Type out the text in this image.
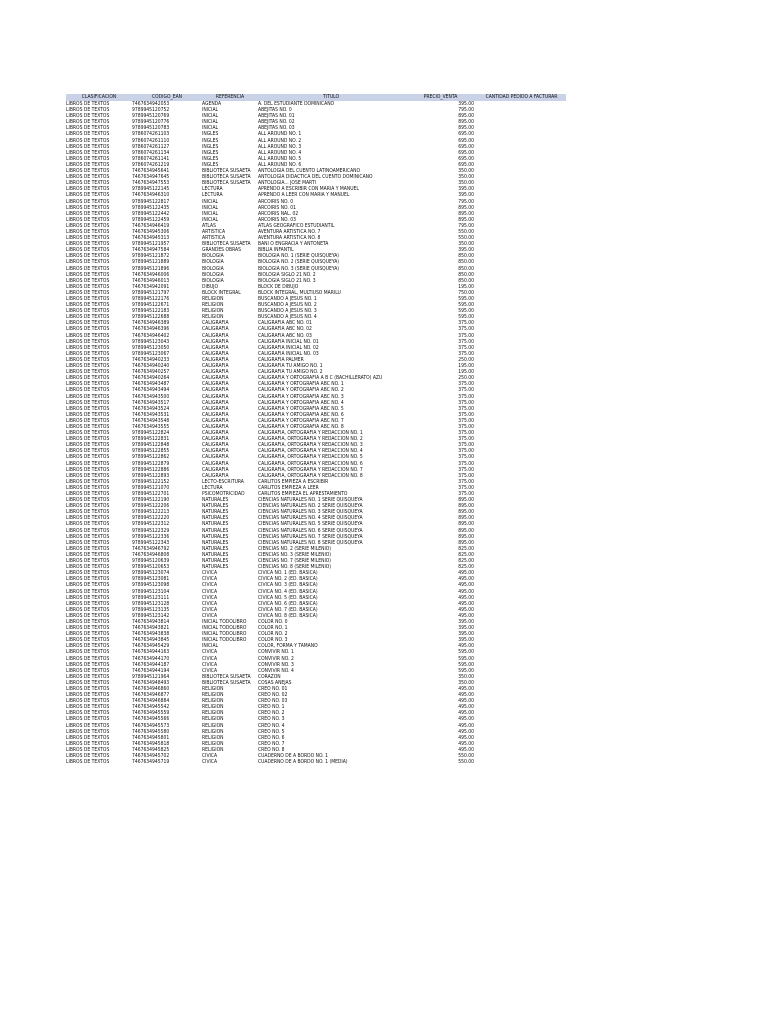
CLASIFICACION	CODIGO_EAN	REFERENCIA	TITULO	PRECIO_VENTA	CANTIDAD PEDIDO A FACTURAR
LIBROS DE TEXTOS	7467634942053	AGENDA	A. DEL ESTUDIANTE DOMINICANO	395.00	
LIBROS DE TEXTOS	9789945120752	INICIAL	ABEJITAS NO. 0	795.00	
LIBROS DE TEXTOS	9789945120769	INICIAL	ABEJITAS NO. 01	895.00	
LIBROS DE TEXTOS	9789945120776	INICIAL	ABEJITAS NO. 02	895.00	
LIBROS DE TEXTOS	9789945120783	INICIAL	ABEJITAS NO. 03	895.00	
LIBROS DE TEXTOS	9786074261103	INGLES	ALL AROUND NO. 1	695.00	
LIBROS DE TEXTOS	9786074261110	INGLES	ALL AROUND NO. 2	695.00	
LIBROS DE TEXTOS	9786074261127	INGLES	ALL AROUND NO. 3	695.00	
LIBROS DE TEXTOS	9786074261134	INGLES	ALL AROUND NO. 4	695.00	
LIBROS DE TEXTOS	9786074261141	INGLES	ALL AROUND NO. 5	695.00	
LIBROS DE TEXTOS	9786074261219	INGLES	ALL AROUND NO. 6	695.00	
LIBROS DE TEXTOS	7467634945641	BIBLIOTECA SUSAETA	ANTOLOGIA DEL CUENTO LATINOAMERICANO	350.00	
LIBROS DE TEXTOS	7467634947645	BIBLIOTECA SUSAETA	ANTOLOGIA DIDACTICA DEL CUENTO DOMINICANO	350.00	
LIBROS DE TEXTOS	7467634947553	BIBLIOTECA SUSAETA	ANTOLOGIA... JOSE MARTI	350.00	
LIBROS DE TEXTOS	9789945122145	LECTURA	APRENDO A ESCRIBIR CON MARIA Y MANUEL	395.00	
LIBROS DE TEXTOS	7467634946310	LECTURA	APRENDO A LEER CON MARIA Y MANUEL	395.00	
LIBROS DE TEXTOS	9789945122817	INICIAL	ARCOIRIS NO. 0	795.00	
LIBROS DE TEXTOS	9789945122435	INICIAL	ARCOIRIS NO. 01	895.00	
LIBROS DE TEXTOS	9789945122442	INICIAL	ARCOIRIS NAL. 02	895.00	
LIBROS DE TEXTOS	9789945122459	INICIAL	ARCOIRIS NO. 03	895.00	
LIBROS DE TEXTOS	7467634946419	ATLAS	ATLAS GEOGRAFICO ESTUDIANTIL	795.00	
LIBROS DE TEXTOS	7467634945306	ARTISTICA	AVENTURA ARTISTICA NO. 7	550.00	
LIBROS DE TEXTOS	7467634945313	ARTISTICA	AVENTURA ARTISTICA NO. 8	550.00	
LIBROS DE TEXTOS	9789945121957	BIBLIOTECA SUSAETA	BANI O ENGRACIA Y ANTOÑETA	350.00	
LIBROS DE TEXTOS	7467634947584	GRANDES OBRAS	BIBLIA INFANTIL	395.00	
LIBROS DE TEXTOS	9789945121872	BIOLOGIA	BIOLOGIA NO. 1 (SERIE QUISQUEYA)	850.00	
LIBROS DE TEXTOS	9789945121889	BIOLOGIA	BIOLOGIA NO. 2 (SERIE QUISQUEYA)	850.00	
LIBROS DE TEXTOS	9789945121896	BIOLOGIA	BIOLOGIA NO. 3 (SERIE QUISQUEYA)	850.00	
LIBROS DE TEXTOS	7467634946006	BIOLOGIA	BIOLOGIA SIGLO 21 NO. 2	850.00	
LIBROS DE TEXTOS	7467634946013	BIOLOGIA	BIOLOGIA SIGLO 21 NO. 3	850.00	
LIBROS DE TEXTOS	7467634942091	DIBUJO	BLOCK DE DIBUJO	195.00	
LIBROS DE TEXTOS	9789945121797	BLOCK INTEGRAL	BLOCK INTEGRAL, MULTIUSO MARILU	750.00	
LIBROS DE TEXTOS	9789945122176	RELIGION	BUSCANDO A JESUS NO. 1	595.00	
LIBROS DE TEXTOS	9789945122671	RELIGION	BUSCANDO A JESUS NO. 2	595.00	
LIBROS DE TEXTOS	9789945122183	RELIGION	BUSCANDO A JESUS NO. 3	595.00	
LIBROS DE TEXTOS	9789945122688	RELIGION	BUSCANDO A JESUS NO. 4	595.00	
LIBROS DE TEXTOS	7467634946389	CALIGRAFIA	CALIGRAFIA ABC NO. 01	375.00	
LIBROS DE TEXTOS	7467634946396	CALIGRAFIA	CALIGRAFIA ABC NO. 02	375.00	
LIBROS DE TEXTOS	7467634946402	CALIGRAFIA	CALIGRAFIA ABC NO. 03	375.00	
LIBROS DE TEXTOS	9789945123043	CALIGRAFIA	CALIGRAFIA INICIAL NO. 01	375.00	
LIBROS DE TEXTOS	9789945123050	CALIGRAFIA	CALIGRAFIA INICIAL NO. 02	375.00	
LIBROS DE TEXTOS	9789945123067	CALIGRAFIA	CALIGRAFIA INICIAL NO. 03	375.00	
LIBROS DE TEXTOS	7467634940233	CALIGRAFIA	CALIGRAFIA PALMER	250.00	
LIBROS DE TEXTOS	7467634940240	CALIGRAFIA	CALIGRAFIA TU AMIGO NO. 1	195.00	
LIBROS DE TEXTOS	7467634940257	CALIGRAFIA	CALIGRAFIA TU AMIGO NO. 2	195.00	
LIBROS DE TEXTOS	7467634940264	CALIGRAFIA	CALIGRAFIA Y ORTOGRAFIA A B C (BACHILLERATO) AZU	250.00	
LIBROS DE TEXTOS	7467634943487	CALIGRAFIA	CALIGRAFIA Y ORTOGRAFIA ABC NO. 1	375.00	
LIBROS DE TEXTOS	7467634943494	CALIGRAFIA	CALIGRAFIA Y ORTOGRAFIA ABC NO. 2	375.00	
LIBROS DE TEXTOS	7467634943500	CALIGRAFIA	CALIGRAFIA Y ORTOGRAFIA ABC NO. 3	375.00	
LIBROS DE TEXTOS	7467634943517	CALIGRAFIA	CALIGRAFIA Y ORTOGRAFIA ABC NO. 4	375.00	
LIBROS DE TEXTOS	7467634943524	CALIGRAFIA	CALIGRAFIA Y ORTOGRAFIA ABC NO. 5	375.00	
LIBROS DE TEXTOS	7467634943531	CALIGRAFIA	CALIGRAFIA Y ORTOGRAFIA ABC NO. 6	375.00	
LIBROS DE TEXTOS	7467634943548	CALIGRAFIA	CALIGRAFIA Y ORTOGRAFIA ABC NO. 7	375.00	
LIBROS DE TEXTOS	7467634943555	CALIGRAFIA	CALIGRAFIA Y ORTOGRAFIA ABC NO. 8	375.00	
LIBROS DE TEXTOS	9789945122824	CALIGRAFIA	CALIGRAFIA, ORTOGRAFIA Y REDACCION NO. 1	375.00	
LIBROS DE TEXTOS	9789945122831	CALIGRAFIA	CALIGRAFIA, ORTOGRAFIA Y REDACCION NO. 2	375.00	
LIBROS DE TEXTOS	9789945122848	CALIGRAFIA	CALIGRAFIA, ORTOGRAFIA Y REDACCION NO. 3	375.00	
LIBROS DE TEXTOS	9789945122855	CALIGRAFIA	CALIGRAFIA, ORTOGRAFIA Y REDACCION NO. 4	375.00	
LIBROS DE TEXTOS	9789945122862	CALIGRAFIA	CALIGRAFIA, ORTOGRAFIA Y REDACCION NO. 5	375.00	
LIBROS DE TEXTOS	9789945122879	CALIGRAFIA	CALIGRAFIA, ORTOGRAFIA Y REDACCION NO. 6	375.00	
LIBROS DE TEXTOS	9789945122886	CALIGRAFIA	CALIGRAFIA, ORTOGRAFIA Y REDACCION NO. 7	375.00	
LIBROS DE TEXTOS	9789945122893	CALIGRAFIA	CALIGRAFIA, ORTOGRAFIA Y REDACCION NO. 8	375.00	
LIBROS DE TEXTOS	9789945122152	LECTO-ESCRITURA	CARLITOS EMPIEZA A ESCRIBIR	375.00	
LIBROS DE TEXTOS	9789945121070	LECTURA	CARLITOS EMPIEZA A LEER	375.00	
LIBROS DE TEXTOS	9789945122701	PSICOMOTRICIDAD	CARLITOS EMPIEZA EL APRESTAMIENTO	375.00	
LIBROS DE TEXTOS	9789945122190	NATURALES	CIENCIAS NATURALES NO. 1 SERIE QUISQUEYA	895.00	
LIBROS DE TEXTOS	9789945122206	NATURALES	CIENCIAS NATURALES NO. 2 SERIE QUISQUEYA	895.00	
LIBROS DE TEXTOS	9789945122213	NATURALES	CIENCIAS NATURALES NO. 3 SERIE QUISQUEYA	895.00	
LIBROS DE TEXTOS	9789945122220	NATURALES	CIENCIAS NATURALES NO. 4 SERIE QUISQUEYA	895.00	
LIBROS DE TEXTOS	9789945122312	NATURALES	CIENCIAS NATURALES NO. 5 SERIE QUISQUEYA	895.00	
LIBROS DE TEXTOS	9789945122329	NATURALES	CIENCIAS NATURALES NO. 6 SERIE QUISQUEYA	895.00	
LIBROS DE TEXTOS	9789945122336	NATURALES	CIENCIAS NATURALES NO. 7 SERIE QUISQUEYA	895.00	
LIBROS DE TEXTOS	9789945122343	NATURALES	CIENCIAS NATURALES NO. 8 SERIE QUISQUEYA	895.00	
LIBROS DE TEXTOS	7467634946792	NATURALES	CIENCIAS NO. 2 (SERIE MILENIO)	825.00	
LIBROS DE TEXTOS	7467634946808	NATURALES	CIENCIAS NO. 3 (SERIE MILENIO)	825.00	
LIBROS DE TEXTOS	9789945120639	NATURALES	CIENCIAS NO. 7 (SERIE MILENIO)	825.00	
LIBROS DE TEXTOS	9789945120653	NATURALES	CIENCIAS NO. 8 (SERIE MILENIO)	825.00	
LIBROS DE TEXTOS	9789945123074	CIVICA	CIVICA NO. 1 (ED. BASICA)	495.00	
LIBROS DE TEXTOS	9789945123081	CIVICA	CIVICA NO. 2 (ED. BASICA)	495.00	
LIBROS DE TEXTOS	9789945123098	CIVICA	CIVICA NO. 3 (ED. BASICA)	495.00	
LIBROS DE TEXTOS	9789945123104	CIVICA	CIVICA NO. 4 (ED. BASICA)	495.00	
LIBROS DE TEXTOS	9789945123111	CIVICA	CIVICA NO. 5 (ED. BASICA)	495.00	
LIBROS DE TEXTOS	9789945123128	CIVICA	CIVICA NO. 6 (ED. BASICA)	495.00	
LIBROS DE TEXTOS	9789945123135	CIVICA	CIVICA NO. 7 (ED. BASICA)	495.00	
LIBROS DE TEXTOS	9789945123142	CIVICA	CIVICA NO. 8 (ED. BASICA)	495.00	
LIBROS DE TEXTOS	7467634943814	INICIAL TODOLIBRO	COLOR NO. 0	395.00	
LIBROS DE TEXTOS	7467634943821	INICIAL TODOLIBRO	COLOR NO. 1	395.00	
LIBROS DE TEXTOS	7467634943838	INICIAL TODOLIBRO	COLOR NO. 2	395.00	
LIBROS DE TEXTOS	7467634943845	INICIAL TODOLIBRO	COLOR NO. 3	395.00	
LIBROS DE TEXTOS	7467634945429	INICIAL	COLOR, FORMA Y TAMANO	495.00	
LIBROS DE TEXTOS	7467634944163	CIVICA	CONVIVIR NO. 1	595.00	
LIBROS DE TEXTOS	7467634944170	CIVICA	CONVIVIR NO. 2	595.00	
LIBROS DE TEXTOS	7467634944187	CIVICA	CONVIVIR NO. 3	595.00	
LIBROS DE TEXTOS	7467634944194	CIVICA	CONVIVIR NO. 4	595.00	
LIBROS DE TEXTOS	9789945121964	BIBLIOTECA SUSAETA	CORAZON	350.00	
LIBROS DE TEXTOS	7467634948493	BIBLIOTECA SUSAETA	COSAS ANEJAS	350.00	
LIBROS DE TEXTOS	7467634946860	RELIGION	CREO NO. 01	495.00	
LIBROS DE TEXTOS	7467634946877	RELIGION	CREO NO. 02	495.00	
LIBROS DE TEXTOS	7467634946884	RELIGION	CREO NO. 03	495.00	
LIBROS DE TEXTOS	7467634945542	RELIGION	CREO NO. 1	495.00	
LIBROS DE TEXTOS	7467634945559	RELIGION	CREO NO. 2	495.00	
LIBROS DE TEXTOS	7467634945566	RELIGION	CREO NO. 3	495.00	
LIBROS DE TEXTOS	7467634945573	RELIGION	CREO NO. 4	495.00	
LIBROS DE TEXTOS	7467634945580	RELIGION	CREO NO. 5	495.00	
LIBROS DE TEXTOS	7467634945801	RELIGION	CREO NO. 6	495.00	
LIBROS DE TEXTOS	7467634945818	RELIGION	CREO NO. 7	495.00	
LIBROS DE TEXTOS	7467634945825	RELIGION	CREO NO. 8	495.00	
LIBROS DE TEXTOS	7467634945702	CIVICA	CUADERNO DE A BORDO NO. 1	550.00	
LIBROS DE TEXTOS	7467634945719	CIVICA	CUADERNO DE A BORDO NO. 1 (MEDIA)	550.00	
